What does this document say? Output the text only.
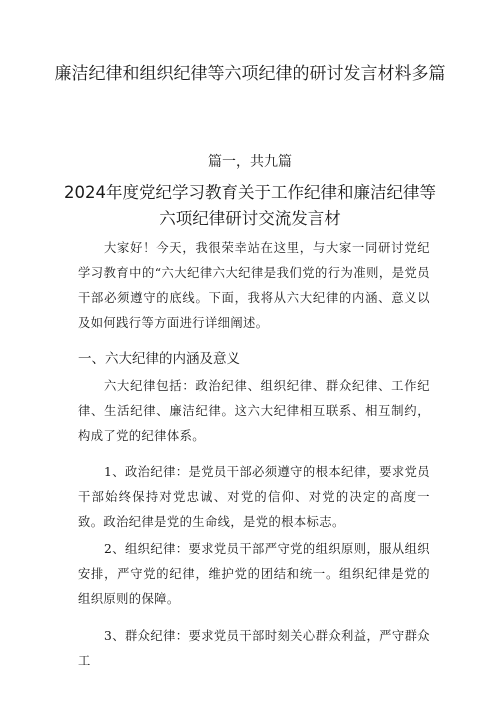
廉洁纪律和组织纪律等六项纪律的研讨发言材料多篇
篇一，共九篇
2024年度党纪学习教育关于工作纪律和廉洁纪律等六项纪律研讨交流发言材

大家好！今天，我很荣幸站在这里，与大家一同研讨党纪学习教育中的“六大纪律六大纪律是我们党的行为准则，是党员干部必须遵守的底线。下面，我将从六大纪律的内涵、意义以及如何践行等方面进行详细阐述。

一、六大纪律的内涵及意义

六大纪律包括：政治纪律、组织纪律、群众纪律、工作纪律、生活纪律、廉洁纪律。这六大纪律相互联系、相互制约，构成了党的纪律体系。

1、政治纪律：是党员干部必须遵守的根本纪律，要求党员干部始终保持对党忠诚、对党的信仰、对党的决定的高度一致。政治纪律是党的生命线，是党的根本标志。

2、组织纪律：要求党员干部严守党的组织原则，服从组织安排，严守党的纪律，维护党的团结和统一。组织纪律是党的组织原则的保障。

3、群众纪律：要求党员干部时刻关心群众利益，严守群众工
